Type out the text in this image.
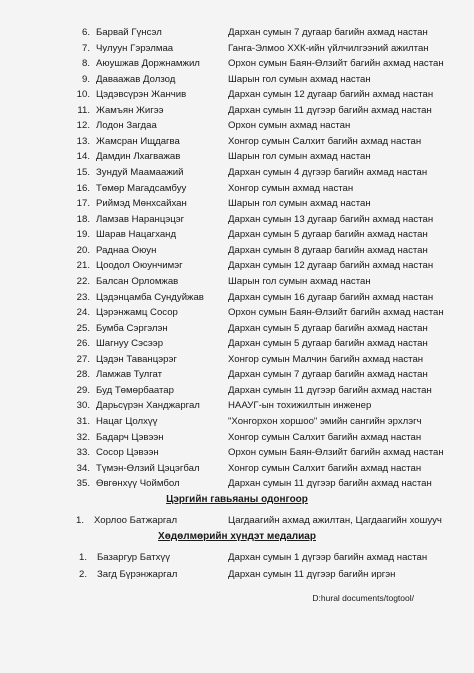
6. Барвай Гүнсэл	Дархан сумын 7 дугаар багийн ахмад настан
7. Чулуун Гэрэлмаа	Ганга-Элмоо ХХК-ийн үйлчилгээний ажилтан
8. Аюушжав Доржнамжил	Орхон сумын Баян-Өлзийт багийн ахмад настан
9. Даваажав Долзод	Шарын гол сумын ахмад настан
10. Цэдэвсүрэн Жанчив	Дархан сумын 12 дугаар багийн ахмад настан
11. Жамъян Жигээ	Дархан сумын 11 дүгээр багийн ахмад настан
12. Лодон Загдаа	Орхон сумын ахмад настан
13. Жамсран Ищдагва	Хонгор сумын Салхит багийн ахмад настан
14. Дамдин Лхагважав	Шарын гол сумын ахмад настан
15. Зундуй Маамаажий	Дархан сумын 4 дүгээр багийн ахмад настан
16. Төмөр Магадсамбуу	Хонгор сумын ахмад настан
17. Риймэд Мөнхсайхан	Шарын гол сумын ахмад настан
18. Ламзав Наранцэцэг	Дархан сумын 13 дугаар багийн ахмад настан
19. Шарав Нацагханд	Дархан сумын 5 дугаар багийн ахмад настан
20. Раднаа Оюун	Дархан сумын 8 дугаар багийн ахмад настан
21. Цоодол Оюунчимэг	Дархан сумын 12 дугаар багийн ахмад настан
22. Балсан Орломжав	Шарын гол сумын ахмад настан
23. Цэдэнцамба Сундуйжав	Дархан сумын 16 дугаар багийн ахмад настан
24. Цэрэнжамц Сосор	Орхон сумын Баян-Өлзийт багийн ахмад настан
25. Бумба Сэргэлэн	Дархан сумын 5 дугаар багийн ахмад настан
26. Шагнуу Сэсээр	Дархан сумын 5 дугаар багийн ахмад настан
27. Цэдэн Таванцэрэг	Хонгор сумын Малчин багийн ахмад настан
28. Ламжав Тулгат	Дархан сумын 7 дугаар багийн ахмад настан
29. Буд Төмөрбаатар	Дархан сумын 11 дүгээр багийн ахмад настан
30. Дарьсүрэн Ханджаргал	НААУГ-ын тохижилтын инженер
31. Нацаг Цолхүү	"Хонгорхон хоршоо" эмийн сангийн эрхлэгч
32. Бадарч Цэвээн	Хонгор сумын Салхит багийн ахмад настан
33. Сосор Цэвээн	Орхон сумын Баян-Өлзийт багийн ахмад настан
34. Түмэн-Өлзий Цэцэгбал	Хонгор сумын Салхит багийн ахмад настан
35. Өвгөнхүү Чоймбол	Дархан сумын 11 дүгээр багийн ахмад настан
Цэргийн гавьяаны одонгоор
1. Хорлоо Батжаргал	Цагдаагийн ахмад ажилтан, Цагдаагийн хошууч
Хөдөлмөрийн хүндэт медалиар
1. Базаргур Батхүү	Дархан сумын 1 дүгээр багийн ахмад настан
2. Загд Бүрэнжаргал	Дархан сумын 11 дүгээр багийн иргэн
D:hural documents/togtool/
